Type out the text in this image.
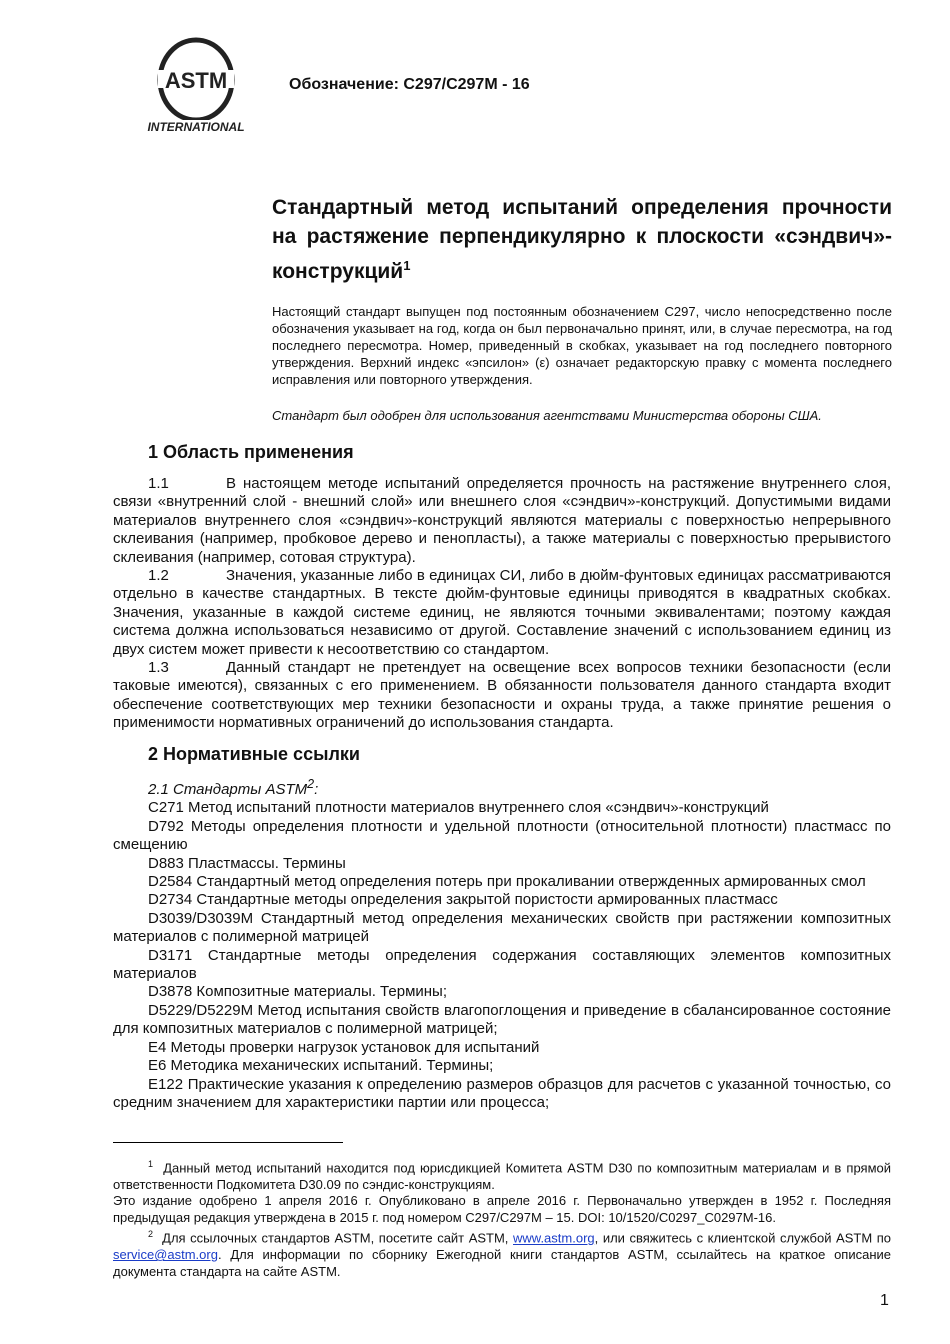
ASTM
INTERNATIONAL
Обозначение: C297/C297M - 16
Стандартный метод испытаний определения прочности на растяжение перпендикулярно к плоскости «сэндвич»-конструкций$^1$
Настоящий стандарт выпущен под постоянным обозначением C297, число непосредственно после обозначения указывает на год, когда он был первоначально принят, или, в случае пересмотра, на год последнего пересмотра. Номер, приведенный в скобках, указывает на год последнего повторного утверждения. Верхний индекс «эпсилон» (ε) означает редакторскую правку с момента последнего исправления или повторного утверждения.
Стандарт был одобрен для использования агентствами Министерства обороны США.
1 Область применения

1.1	В настоящем методе испытаний определяется прочность на растяжение внутреннего слоя, связи «внутренний слой - внешний слой» или внешнего слоя «сэндвич»-конструкций. Допустимыми видами материалов внутреннего слоя «сэндвич»-конструкций являются материалы с поверхностью непрерывного склеивания (например, пробковое дерево и пенопласты), а также материалы с поверхностью прерывистого склеивания (например, сотовая структура).

1.2	Значения, указанные либо в единицах СИ, либо в дюйм-фунтовых единицах рассматриваются отдельно в качестве стандартных. В тексте дюйм-фунтовые единицы приводятся в квадратных скобках. Значения, указанные в каждой системе единиц, не являются точными эквивалентами; поэтому каждая система должна использоваться независимо от другой. Составление значений с использованием единиц из двух систем может привести к несоответствию со стандартом.

1.3	Данный стандарт не претендует на освещение всех вопросов техники безопасности (если таковые имеются), связанных с его применением. В обязанности пользователя данного стандарта входит обеспечение соответствующих мер техники безопасности и охраны труда, а также принятие решения о применимости нормативных ограничений до использования стандарта.

2 Нормативные ссылки

2.1 Стандарты ASTM$^2$:

C271 Метод испытаний плотности материалов внутреннего слоя «сэндвич»-конструкций

D792 Методы определения плотности и удельной плотности (относительной плотности) пластмасс по смещению

D883 Пластмассы. Термины

D2584 Стандартный метод определения потерь при прокаливании отвержденных армированных смол

D2734 Стандартные методы определения закрытой пористости армированных пластмасс

D3039/D3039M Стандартный метод определения механических свойств при растяжении композитных материалов с полимерной матрицей

D3171 Стандартные методы определения содержания составляющих элементов композитных материалов

D3878 Композитные материалы. Термины;

D5229/D5229M Метод испытания свойств влагопоглощения и приведение в сбалансированное состояние для композитных материалов с полимерной матрицей;

E4 Методы проверки нагрузок установок для испытаний

E6 Методика механических испытаний. Термины;

E122 Практические указания к определению размеров образцов для расчетов с указанной точностью, со средним значением для характеристики партии или процесса;

$^1$ Данный метод испытаний находится под юрисдикцией Комитета ASTM D30 по композитным материалам и в прямой ответственности Подкомитета D30.09 по сэндиc-конструкциям.

Это издание одобрено 1 апреля 2016 г. Опубликовано в апреле 2016 г. Первоначально утвержден в 1952 г. Последняя предыдущая редакция утверждена в 2015 г. под номером C297/C297M – 15. DOI: 10/1520/C0297_C0297M-16.

$^2$ Для ссылочных стандартов ASTM, посетите сайт ASTM, www.astm.org, или свяжитесь с клиентской службой ASTM по service@astm.org. Для информации по сборнику Ежегодной книги стандартов ASTM, ссылайтесь на краткое описание документа стандарта на сайте ASTM.

1
